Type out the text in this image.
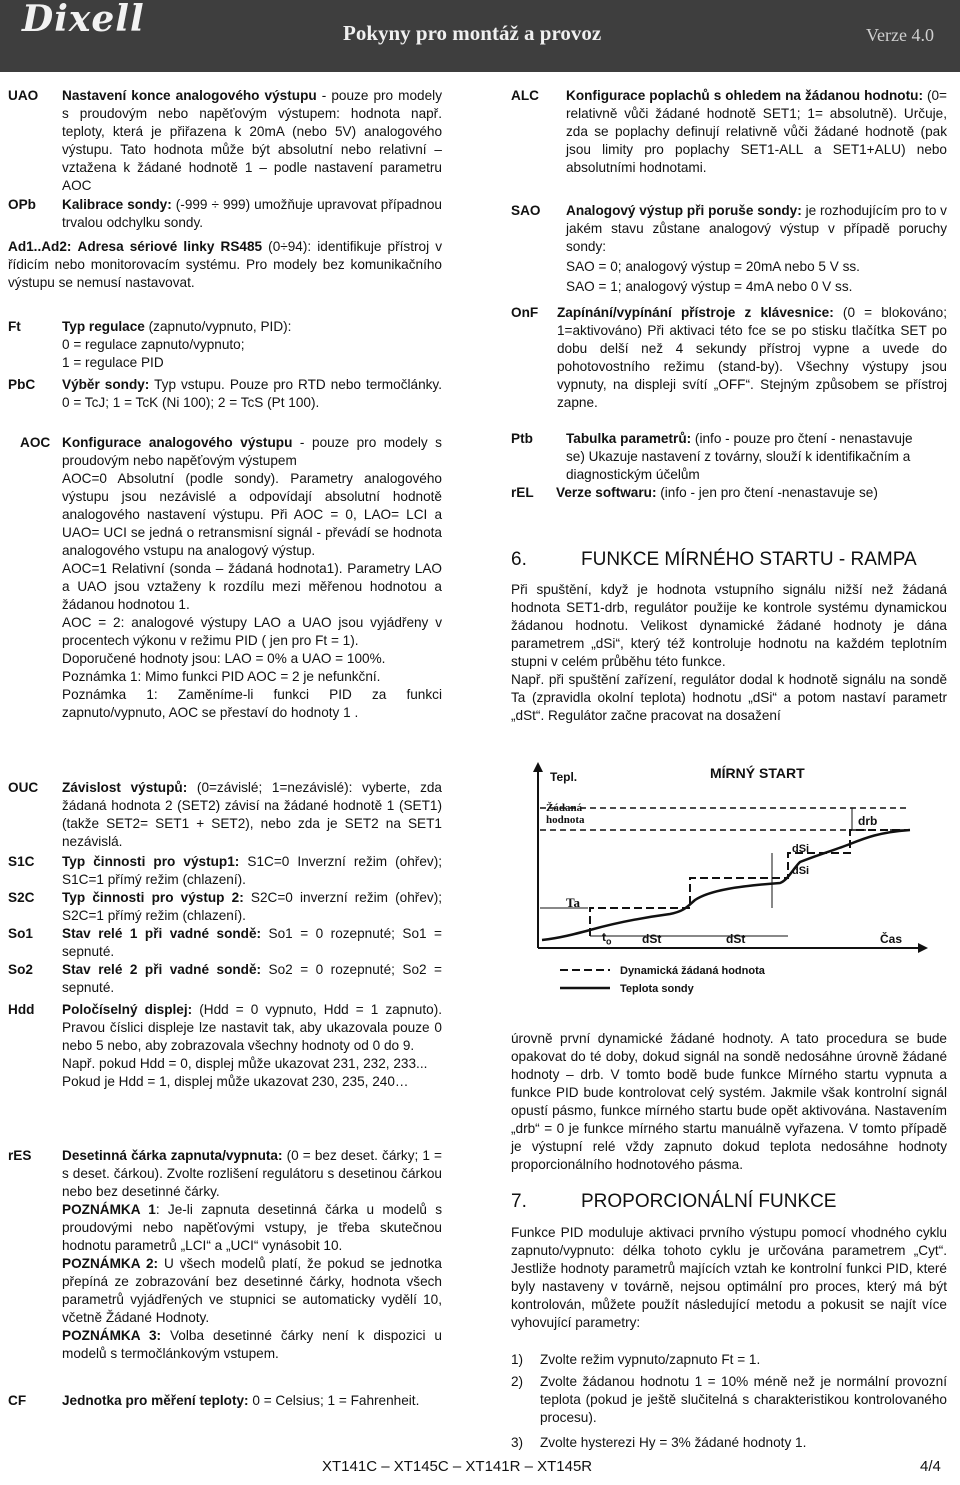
Dixell	Pokyny pro montáž a provoz	Verze 4.0
UAO Nastavení konce analogového výstupu - pouze pro modely s proudovým nebo napěťovým výstupem: hodnota např. teploty, která je přiřazena k 20mA (nebo 5V) analogového výstupu. Tato hodnota může být absolutní nebo relativní – vztažena k žádané hodnotě 1 – podle nastavení parametru AOC
OPb Kalibrace sondy: (-999 ÷ 999) umožňuje upravovat případnou trvalou odchylku sondy.
Ad1..Ad2: Adresa sériové linky RS485 (0÷94): identifikuje přístroj v řídicím nebo monitorovacím systému. Pro modely bez komunikačního výstupu se nemusí nastavovat.
Ft	Typ regulace (zapnuto/vypnuto, PID):
0 = regulace zapnuto/vypnuto;
1 = regulace PID
PbC Výběr sondy: Typ vstupu. Pouze pro RTD nebo termočlánky. 0 = TcJ; 1 = TcK (Ni 100); 2 = TcS (Pt 100).
AOC Konfigurace analogového výstupu - pouze pro modely s proudovým nebo napěťovým výstupem
AOC=0 Absolutní (podle sondy). Parametry analogového výstupu jsou nezávislé a odpovídají absolutní hodnotě analogového nastavení výstupu. Při AOC = 0, LAO= LCI a UAO= UCI se jedná o retransmisní signál - převádí se hodnota analogového vstupu na analogový výstup.
AOC=1 Relativní (sonda – žádaná hodnota1). Parametry LAO a UAO jsou vztaženy k rozdílu mezi měřenou hodnotou a žádanou hodnotou 1.
AOC = 2: analogové výstupy LAO a UAO jsou vyjádřeny v procentech výkonu v režimu PID ( jen pro Ft = 1).
Doporučené hodnoty jsou: LAO = 0% a UAO = 100%.
Poznámka 1: Mimo funkci PID AOC = 2 je nefunkční.
Poznámka 1: Zaměníme-li funkci PID za funkci zapnuto/vypnuto, AOC se přestaví do hodnoty 1 .
OUC Závislost výstupů: (0=závislé; 1=nezávislé): vyberte, zda žádaná hodnota 2 (SET2) závisí na žádané hodnotě 1 (SET1) (takže SET2= SET1 + SET2), nebo zda je SET2 na SET1 nezávislá.
S1C Typ činnosti pro výstup1: S1C=0 Inverzní režim (ohřev); S1C=1 přímý režim (chlazení).
S2C Typ činnosti pro výstup 2: S2C=0 inverzní režim (ohřev); S2C=1 přímý režim (chlazení).
So1 Stav relé 1 při vadné sondě: So1 = 0 rozepnuté; So1 = sepnuté.
So2 Stav relé 2 při vadné sondě: So2 = 0 rozepnuté; So2 = sepnuté.
Hdd Poločíselný displej: (Hdd = 0 vypnuto, Hdd = 1 zapnuto). Pravou číslici displeje lze nastavit tak, aby ukazovala pouze 0 nebo 5 nebo, aby zobrazovala všechny hodnoty od 0 do 9.
Např. pokud Hdd = 0, displej může ukazovat 231, 232, 233...
Pokud je Hdd = 1, displej může ukazovat 230, 235, 240…
rES Desetinná čárka zapnuta/vypnuta: (0 = bez deset. čárky; 1 = s deset. čárkou). Zvolte rozlišení regulátoru s desetinou čárkou nebo bez desetinné čárky.
POZNÁMKA 1: Je-li zapnuta desetinná čárka u modelů s proudovými nebo napěťovými vstupy, je třeba skutečnou hodnotu parametrů „LCI“ a „UCI“ vynásobit 10.
POZNÁMKA 2: U všech modelů platí, že pokud se jednotka přepíná ze zobrazování bez desetinné čárky, hodnota všech parametrů vyjádřených ve stupnici se automaticky vydělí 10, včetně Žádané Hodnoty.
POZNÁMKA 3: Volba desetinné čárky není k dispozici u modelů s termočlánkovým vstupem.
CF	Jednotka pro měření teploty: 0 = Celsius; 1 = Fahrenheit.
ALC Konfigurace poplachů s ohledem na žádanou hodnotu: (0= relativně vůči žádané hodnotě SET1; 1= absolutně). Určuje, zda se poplachy definují relativně vůči žádané hodnotě (pak jsou limity pro poplachy SET1-ALL a SET1+ALU) nebo absolutními hodnotami.
SAO Analogový výstup při poruše sondy: je rozhodujícím pro to v jakém stavu zůstane analogový výstup v případě poruchy sondy:
SAO = 0; analogový výstup = 20mA nebo 5 V ss.
SAO = 1; analogový výstup = 4mA nebo 0 V ss.
OnF Zapínání/vypínání přístroje z klávesnice: (0 = blokováno; 1=aktivováno) Při aktivaci této fce se po stisku tlačítka SET po dobu delší než 4 sekundy přístroj vypne a uvede do pohotovostního režimu (stand-by). Všechny výstupy jsou vypnuty, na displeji svítí „OFF“. Stejným způsobem se přístroj zapne.
Ptb Tabulka parametrů: (info - pouze pro čtení - nenastavuje se) Ukazuje nastavení z továrny, slouží k identifikačním a diagnostickým účelům
rEL Verze softwaru: (info - jen pro čtení -nenastavuje se)
6.	FUNKCE MÍRNÉHO STARTU - RAMPA
Při spuštění, když je hodnota vstupního signálu nižší než žádaná hodnota SET1-drb, regulátor použije ke kontrole systému dynamickou žádanou hodnotu. Velikost dynamické žádané hodnoty je dána parametrem „dSi“, který též kontroluje hodnotu na každém teplotním stupni v celém průběhu této funkce.
Např. při spuštění zařízení, regulátor dodal k hodnotě signálu na sondě Ta (zpravidla okolní teplota) hodnotu „dSi“ a potom nastaví parametr „dSt“. Regulátor začne pracovat na dosažení
Tepl.	MÍRNÝ START
Žádaná hodnota	drb
dSi
dSi
Ta
$t_o$	dSt	dSt	Čas
Dynamická žádaná hodnota
Teplota sondy
úrovně první dynamické žádané hodnoty. A tato procedura se bude opakovat do té doby, dokud signál na sondě nedosáhne úrovně žádané hodnoty – drb. V tomto bodě bude funkce Mírného startu vypnuta a funkce PID bude kontrolovat celý systém. Jakmile však kontrolní signál opustí pásmo, funkce mírného startu bude opět aktivována. Nastavením „drb“ = 0 je funkce mírného startu manuálně vyřazena. V tomto případě je výstupní relé vždy zapnuto dokud teplota nedosáhne hodnoty proporcionálního hodnotového pásma.
7.	PROPORCIONÁLNÍ FUNKCE
Funkce PID moduluje aktivaci prvního výstupu pomocí vhodného cyklu zapnuto/vypnuto: délka tohoto cyklu je určována parametrem „Cyt“. Jestliže hodnoty parametrů majících vztah ke kontrolní funkci PID, které byly nastaveny v továrně, nejsou optimální pro proces, který má být kontrolován, můžete použít následující metodu a pokusit se najít více vyhovující parametry:
1) Zvolte režim vypnuto/zapnuto Ft = 1.
2) Zvolte žádanou hodnotu 1 = 10% méně než je normální provozní teplota (pokud je ještě slučitelná s charakteristikou kontrolovaného procesu).
3) Zvolte hysterezi Hy = 3% žádané hodnoty 1.
XT141C – XT145C – XT141R – XT145R	4/4
